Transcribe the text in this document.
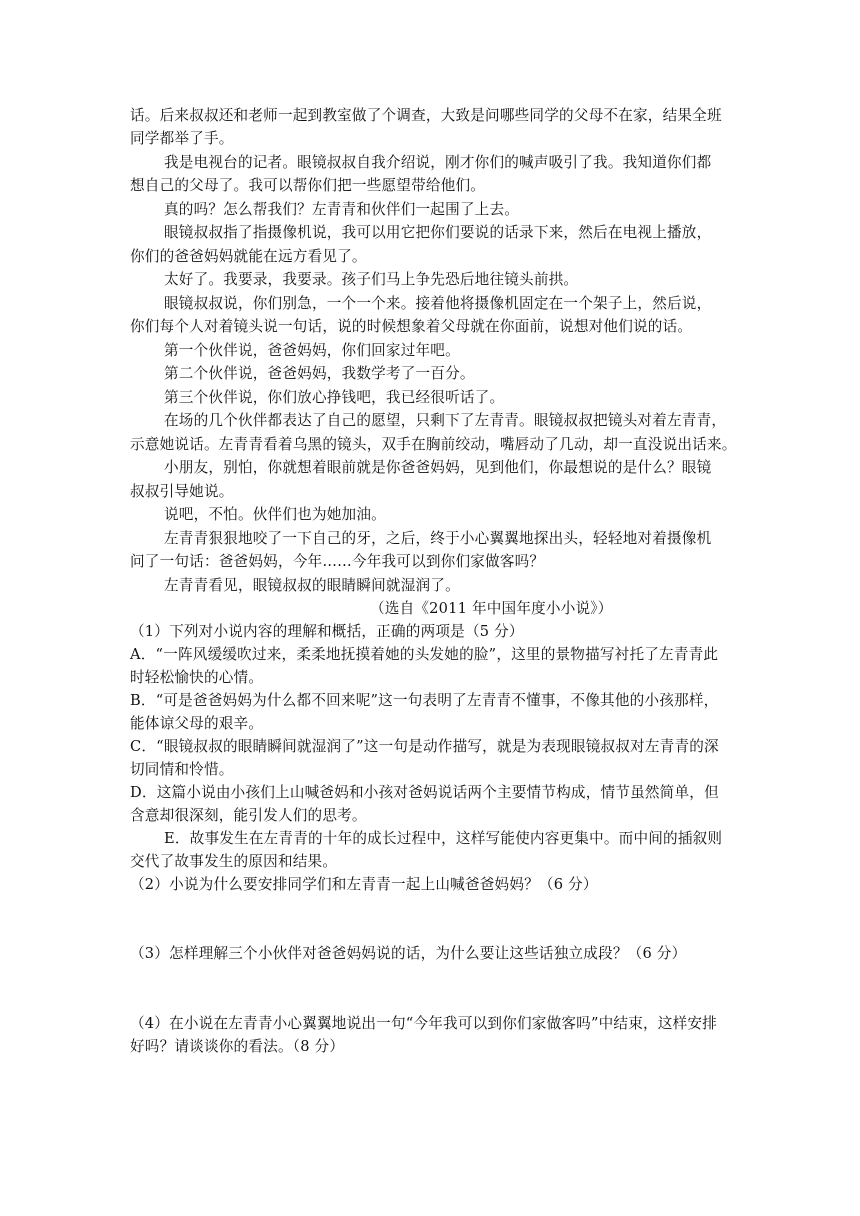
话。后来叔叔还和老师一起到教室做了个调查，大致是问哪些同学的父母不在家，结果全班
同学都举了手。
我是电视台的记者。眼镜叔叔自我介绍说，刚才你们的喊声吸引了我。我知道你们都
想自己的父母了。我可以帮你们把一些愿望带给他们。
真的吗？怎么帮我们？左青青和伙伴们一起围了上去。
眼镜叔叔指了指摄像机说，我可以用它把你们要说的话录下来，然后在电视上播放，
你们的爸爸妈妈就能在远方看见了。
太好了。我要录，我要录。孩子们马上争先恐后地往镜头前拱。
眼镜叔叔说，你们别急，一个一个来。接着他将摄像机固定在一个架子上，然后说，
你们每个人对着镜头说一句话，说的时候想象着父母就在你面前，说想对他们说的话。
第一个伙伴说，爸爸妈妈，你们回家过年吧。
第二个伙伴说，爸爸妈妈，我数学考了一百分。
第三个伙伴说，你们放心挣钱吧，我已经很听话了。
在场的几个伙伴都表达了自己的愿望，只剩下了左青青。眼镜叔叔把镜头对着左青青，
示意她说话。左青青看着乌黑的镜头，双手在胸前绞动，嘴唇动了几动，却一直没说出话来。
小朋友，别怕，你就想着眼前就是你爸爸妈妈，见到他们，你最想说的是什么？眼镜
叔叔引导她说。
说吧，不怕。伙伴们也为她加油。
左青青狠狠地咬了一下自己的牙，之后，终于小心翼翼地探出头，轻轻地对着摄像机
问了一句话：爸爸妈妈，今年……今年我可以到你们家做客吗？
左青青看见，眼镜叔叔的眼睛瞬间就湿润了。
（选自《2011 年中国年度小小说》）
（1）下列对小说内容的理解和概括，正确的两项是（5 分）
A．“一阵风缓缓吹过来，柔柔地抚摸着她的头发她的脸”，这里的景物描写衬托了左青青此
时轻松愉快的心情。
B．“可是爸爸妈妈为什么都不回来呢”这一句表明了左青青不懂事，不像其他的小孩那样，
能体谅父母的艰辛。
C．“眼镜叔叔的眼睛瞬间就湿润了”这一句是动作描写，就是为表现眼镜叔叔对左青青的深
切同情和怜惜。
D．这篇小说由小孩们上山喊爸妈和小孩对爸妈说话两个主要情节构成，情节虽然简单，但
含意却很深刻，能引发人们的思考。
E．故事发生在左青青的十年的成长过程中，这样写能使内容更集中。而中间的插叙则
交代了故事发生的原因和结果。
（2）小说为什么要安排同学们和左青青一起上山喊爸爸妈妈？（6 分）
（3）怎样理解三个小伙伴对爸爸妈妈说的话，为什么要让这些话独立成段？（6 分）
（4）在小说在左青青小心翼翼地说出一句“今年我可以到你们家做客吗”中结束，这样安排
好吗？请谈谈你的看法。（8 分）
